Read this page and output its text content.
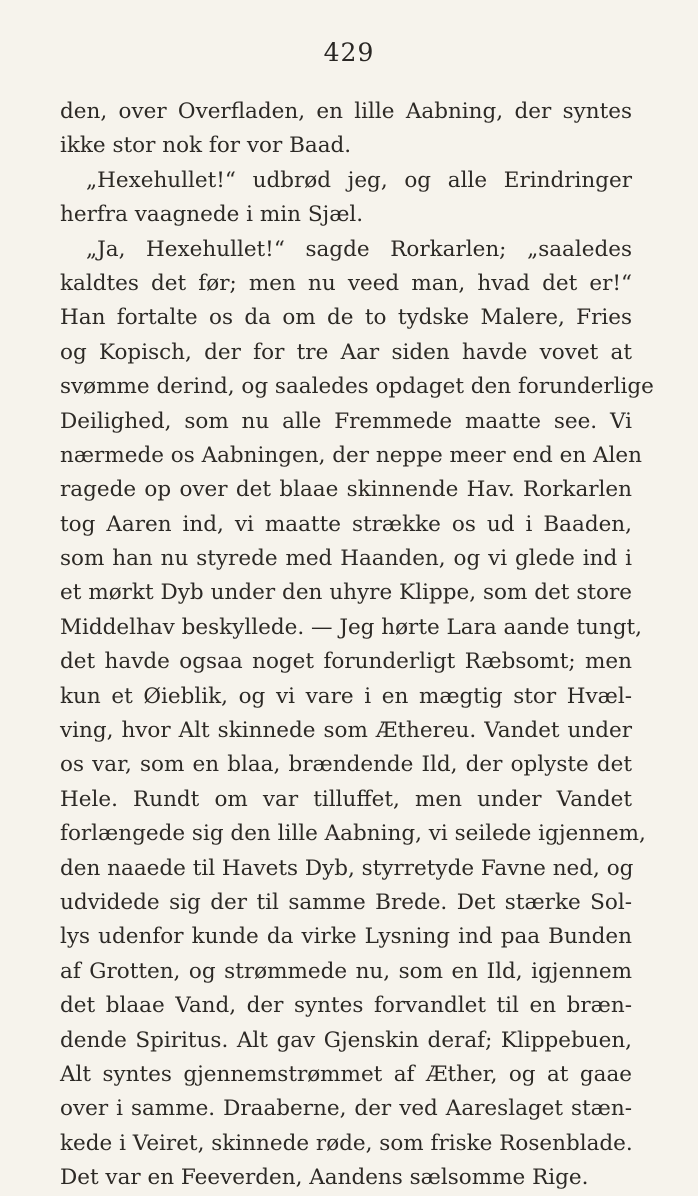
429
den, over Overfladen, en lille Aabning, der syntes
ikke stor nok for vor Baad.
„Hexehullet!“ udbrød jeg, og alle Erindringer
herfra vaagnede i min Sjæl.
„Ja, Hexehullet!“ sagde Rorkarlen; „saaledes
kaldtes det før; men nu veed man, hvad det er!“
Han fortalte os da om de to tydske Malere, Fries
og Kopisch, der for tre Aar siden havde vovet at
svømme derind, og saaledes opdaget den forunderlige
Deilighed, som nu alle Fremmede maatte see. Vi
nærmede os Aabningen, der neppe meer end en Alen
ragede op over det blaae skinnende Hav. Rorkarlen
tog Aaren ind, vi maatte strække os ud i Baaden,
som han nu styrede med Haanden, og vi glede ind i
et mørkt Dyb under den uhyre Klippe, som det store
Middelhav beskyllede. — Jeg hørte Lara aande tungt,
det havde ogsaa noget forunderligt Ræbsomt; men
kun et Øieblik, og vi vare i en mægtig stor Hvæl-
ving, hvor Alt skinnede som Æthereu. Vandet under
os var, som en blaa, brændende Ild, der oplyste det
Hele. Rundt om var tilluffet, men under Vandet
forlængede sig den lille Aabning, vi seilede igjennem,
den naaede til Havets Dyb, styrretyde Favne ned, og
udvidede sig der til samme Brede. Det stærke Sol-
lys udenfor kunde da virke Lysning ind paa Bunden
af Grotten, og strømmede nu, som en Ild, igjennem
det blaae Vand, der syntes forvandlet til en bræn-
dende Spiritus. Alt gav Gjenskin deraf; Klippebuen,
Alt syntes gjennemstrømmet af Æther, og at gaae
over i samme. Draaberne, der ved Aareslaget stæn-
kede i Veiret, skinnede røde, som friske Rosenblade.
Det var en Feeverden, Aandens sælsomme Rige.
